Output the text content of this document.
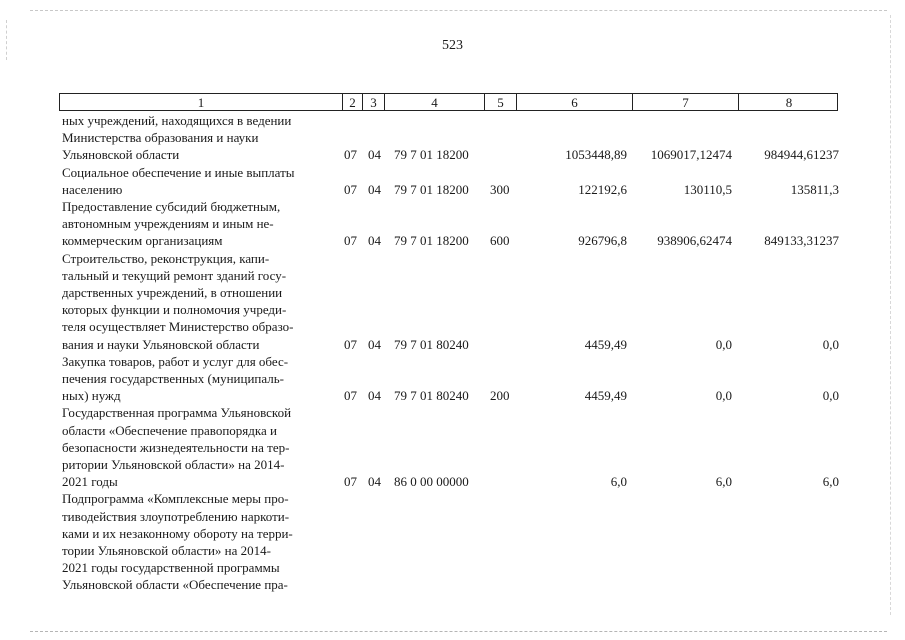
523
1	2	3	4	5	6	7	8
ных учреждений, находящихся в ведении
Министерства образования и науки
Ульяновской области	07 04 79 7 01 18200	1053448,89 1069017,12474 984944,61237
Социальное обеспечение и иные выплаты
населению	07 04 79 7 01 18200 300	122192,6	130110,5	135811,3
Предоставление субсидий бюджетным,
автономным учреждениям и иным не-
коммерческим организациям	07 04 79 7 01 18200 600	926796,8 938906,62474 849133,31237
Строительство, реконструкция, капи-
тальный и текущий ремонт зданий госу-
дарственных учреждений, в отношении
которых функции и полномочия учреди-
теля осуществляет Министерство образо-
вания и науки Ульяновской области	07 04 79 7 01 80240	4459,49	0,0	0,0
Закупка товаров, работ и услуг для обес-
печения государственных (муниципаль-
ных) нужд	07 04 79 7 01 80240 200	4459,49	0,0	0,0
Государственная программа Ульяновской
области «Обеспечение правопорядка и
безопасности жизнедеятельности на тер-
ритории Ульяновской области» на 2014-
2021 годы	07 04 86 0 00 00000	6,0	6,0	6,0
Подпрограмма «Комплексные меры про-
тиводействия злоупотреблению наркоти-
ками и их незаконному обороту на терри-
тории Ульяновской области» на 2014-
2021 годы государственной программы
Ульяновской области «Обеспечение пра-
